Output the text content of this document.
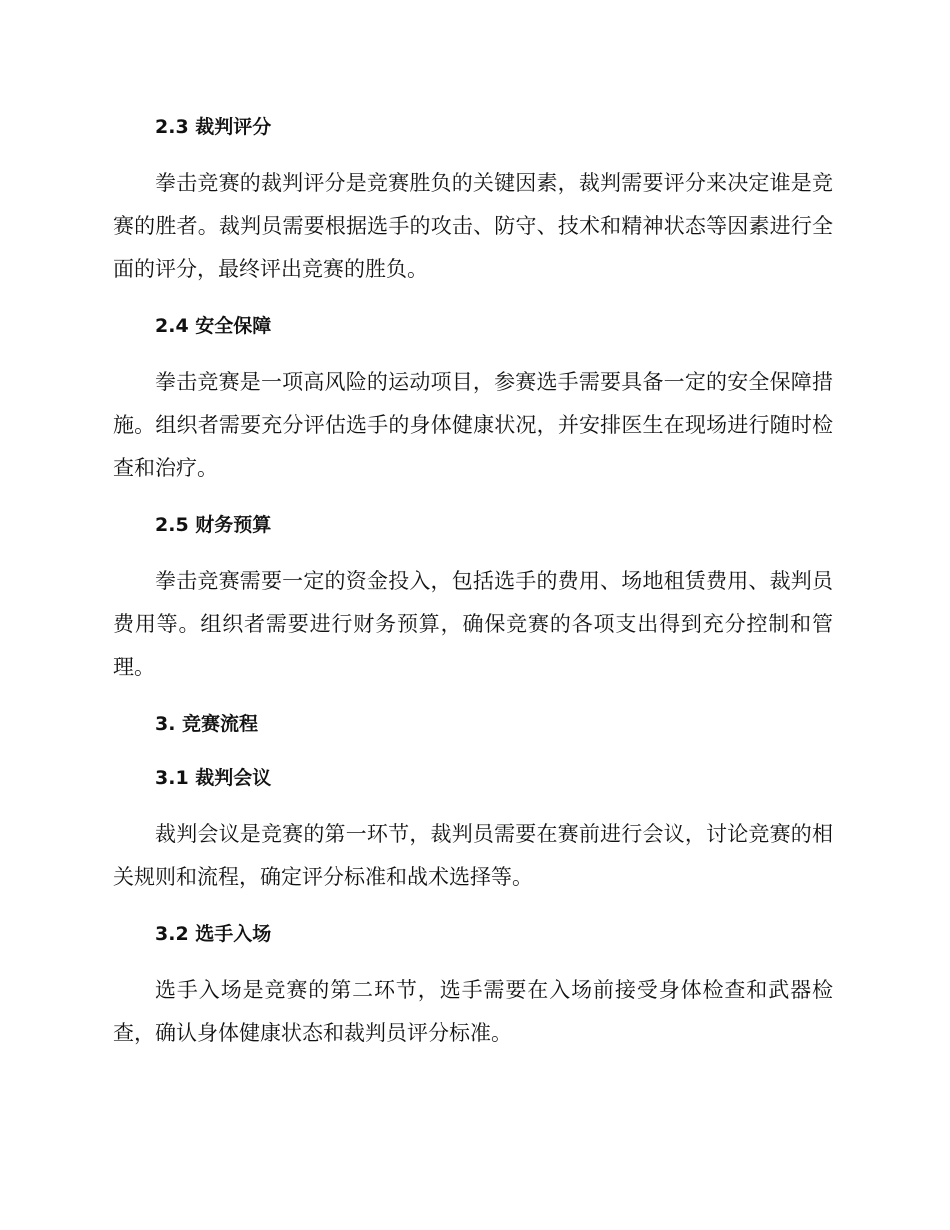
2.3 裁判评分

拳击竞赛的裁判评分是竞赛胜负的关键因素，裁判需要评分来决定谁是竞赛的胜者。裁判员需要根据选手的攻击、防守、技术和精神状态等因素进行全面的评分，最终评出竞赛的胜负。

2.4 安全保障

拳击竞赛是一项高风险的运动项目，参赛选手需要具备一定的安全保障措施。组织者需要充分评估选手的身体健康状况，并安排医生在现场进行随时检查和治疗。

2.5 财务预算

拳击竞赛需要一定的资金投入，包括选手的费用、场地租赁费用、裁判员费用等。组织者需要进行财务预算，确保竞赛的各项支出得到充分控制和管理。

3. 竞赛流程
3.1 裁判会议

裁判会议是竞赛的第一环节，裁判员需要在赛前进行会议，讨论竞赛的相关规则和流程，确定评分标准和战术选择等。

3.2 选手入场

选手入场是竞赛的第二环节，选手需要在入场前接受身体检查和武器检查，确认身体健康状态和裁判员评分标准。
